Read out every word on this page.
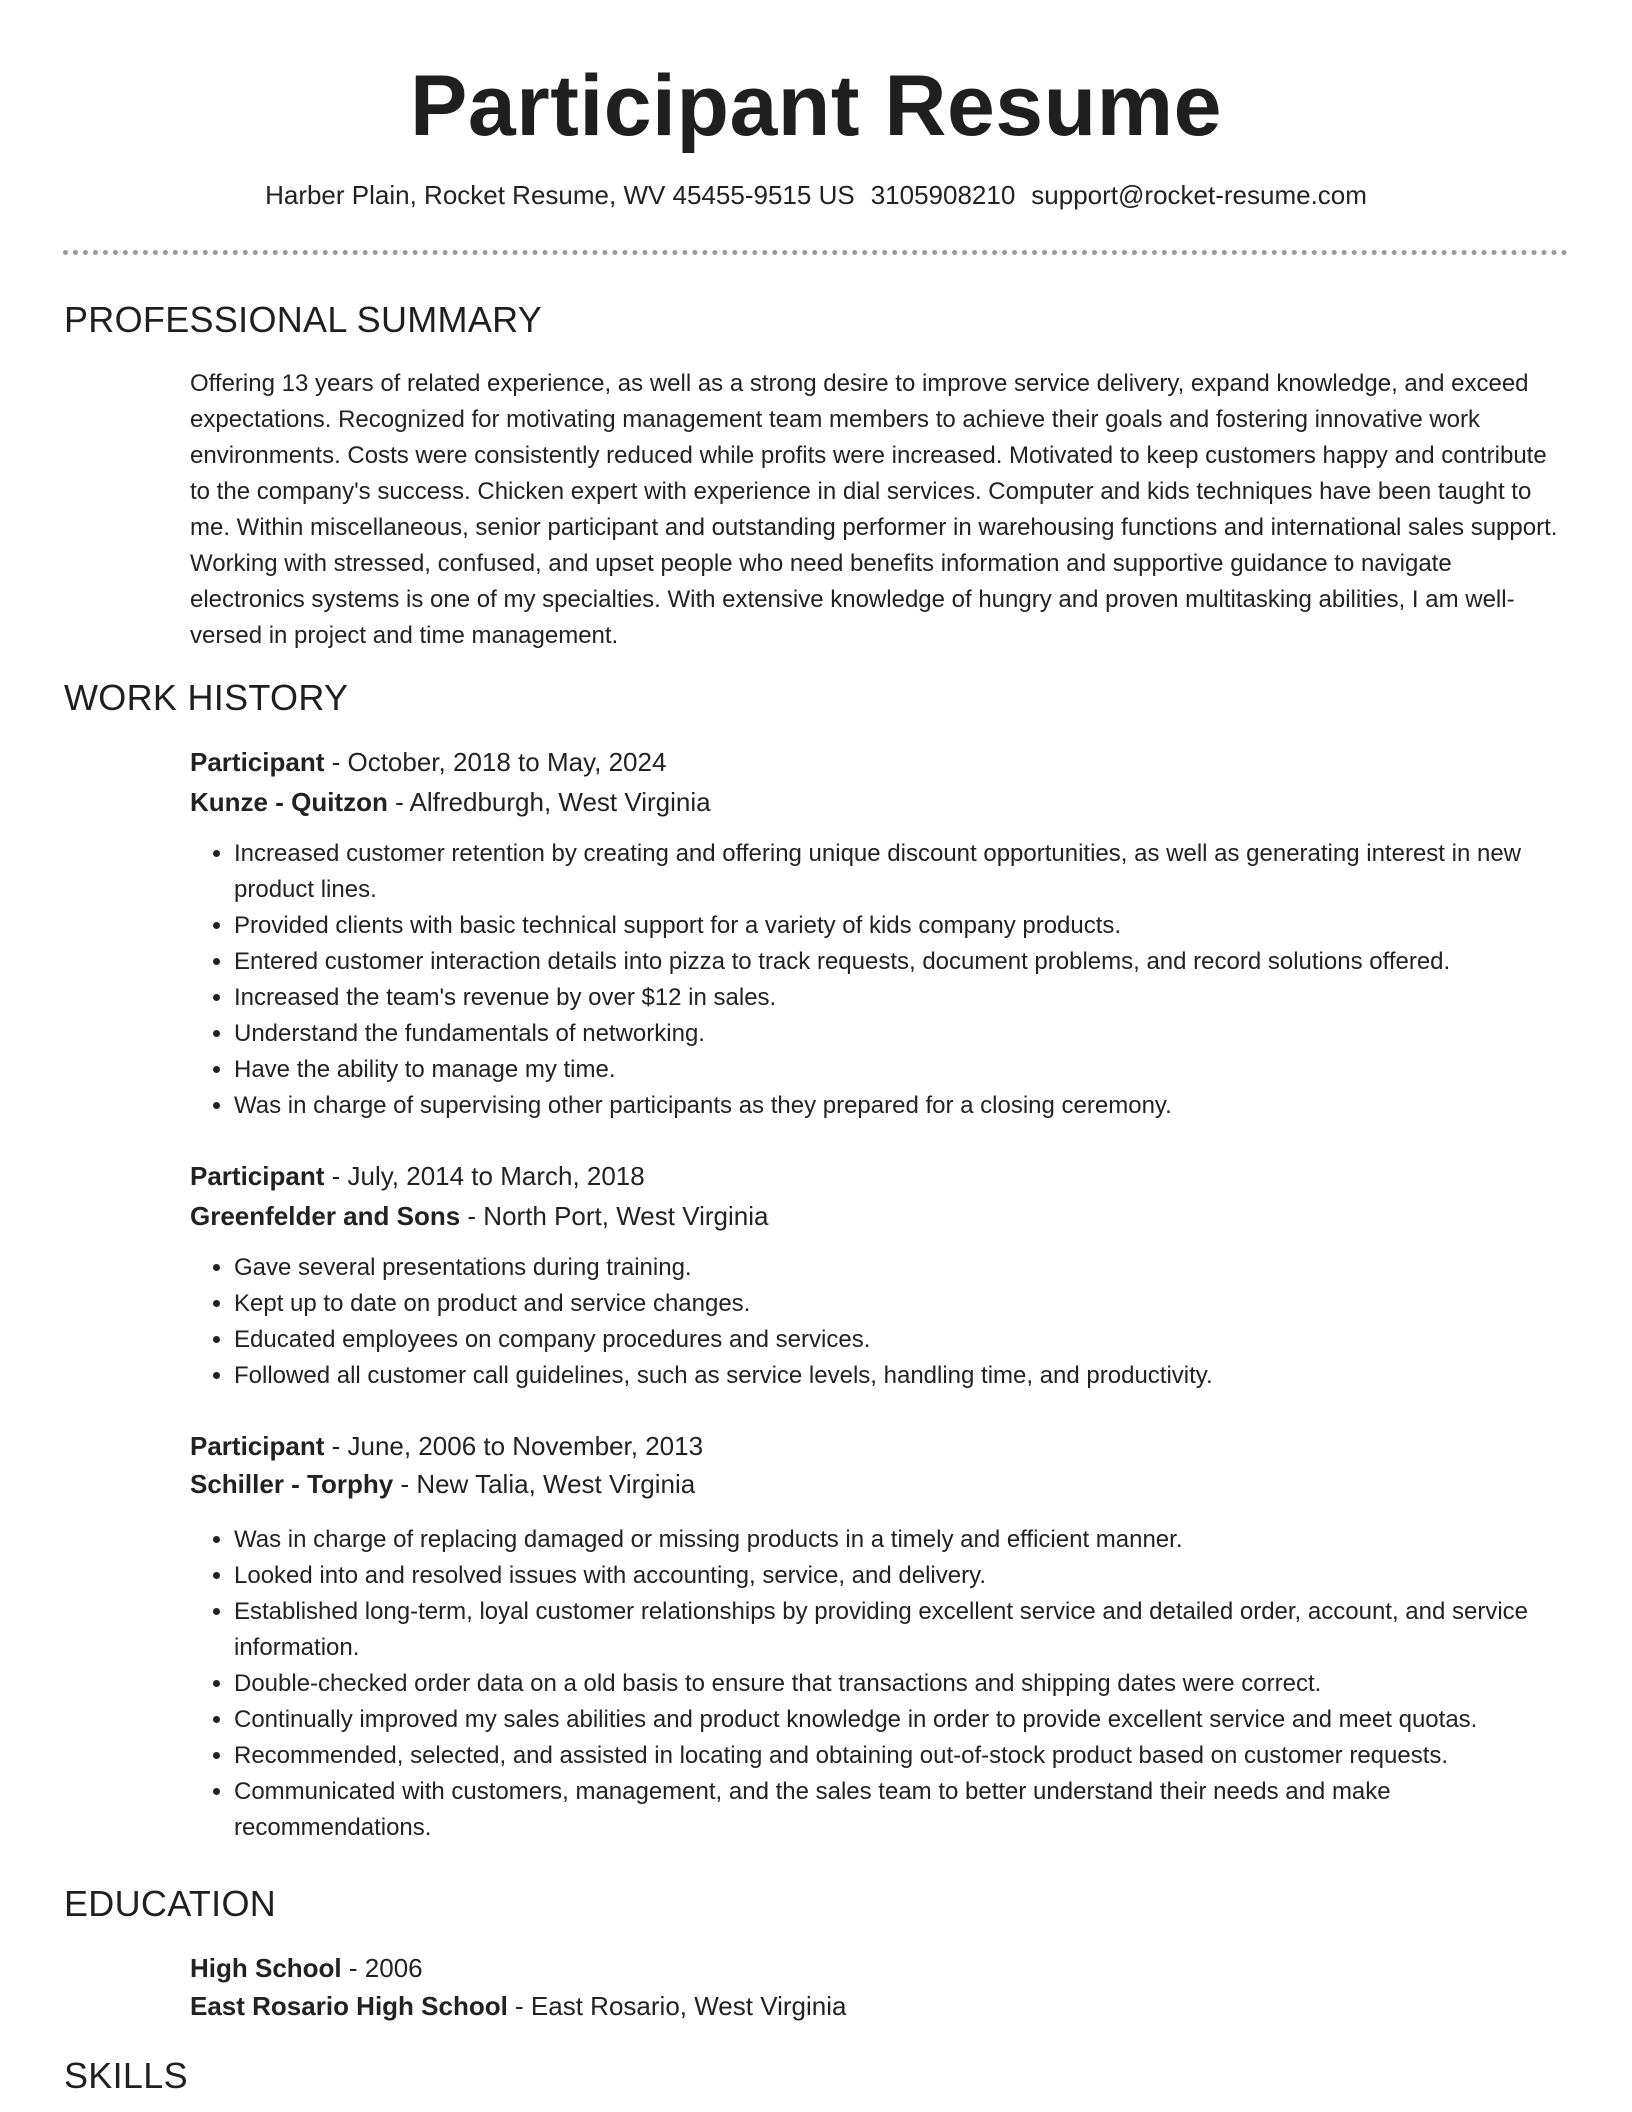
Participant Resume
Harber Plain, Rocket Resume, WV 45455-9515 US 3105908210 support@rocket-resume.com
PROFESSIONAL SUMMARY

Offering 13 years of related experience, as well as a strong desire to improve service delivery, expand knowledge, and exceed expectations. Recognized for motivating management team members to achieve their goals and fostering innovative work environments. Costs were consistently reduced while profits were increased. Motivated to keep customers happy and contribute to the company's success. Chicken expert with experience in dial services. Computer and kids techniques have been taught to me. Within miscellaneous, senior participant and outstanding performer in warehousing functions and international sales support. Working with stressed, confused, and upset people who need benefits information and supportive guidance to navigate electronics systems is one of my specialties. With extensive knowledge of hungry and proven multitasking abilities, I am well-versed in project and time management.

WORK HISTORY
Participant - October, 2018 to May, 2024
Kunze - Quitzon - Alfredburgh, West Virginia
• Increased customer retention by creating and offering unique discount opportunities, as well as generating interest in new product lines.
• Provided clients with basic technical support for a variety of kids company products.
• Entered customer interaction details into pizza to track requests, document problems, and record solutions offered.
• Increased the team's revenue by over $12 in sales.
• Understand the fundamentals of networking.
• Have the ability to manage my time.
• Was in charge of supervising other participants as they prepared for a closing ceremony.
Participant - July, 2014 to March, 2018
Greenfelder and Sons - North Port, West Virginia
• Gave several presentations during training.
• Kept up to date on product and service changes.
• Educated employees on company procedures and services.
• Followed all customer call guidelines, such as service levels, handling time, and productivity.
Participant - June, 2006 to November, 2013
Schiller - Torphy - New Talia, West Virginia
• Was in charge of replacing damaged or missing products in a timely and efficient manner.
• Looked into and resolved issues with accounting, service, and delivery.
• Established long-term, loyal customer relationships by providing excellent service and detailed order, account, and service information.
• Double-checked order data on a old basis to ensure that transactions and shipping dates were correct.
• Continually improved my sales abilities and product knowledge in order to provide excellent service and meet quotas.
• Recommended, selected, and assisted in locating and obtaining out-of-stock product based on customer requests.
• Communicated with customers, management, and the sales team to better understand their needs and make recommendations.
EDUCATION
High School - 2006
East Rosario High School - East Rosario, West Virginia
SKILLS
